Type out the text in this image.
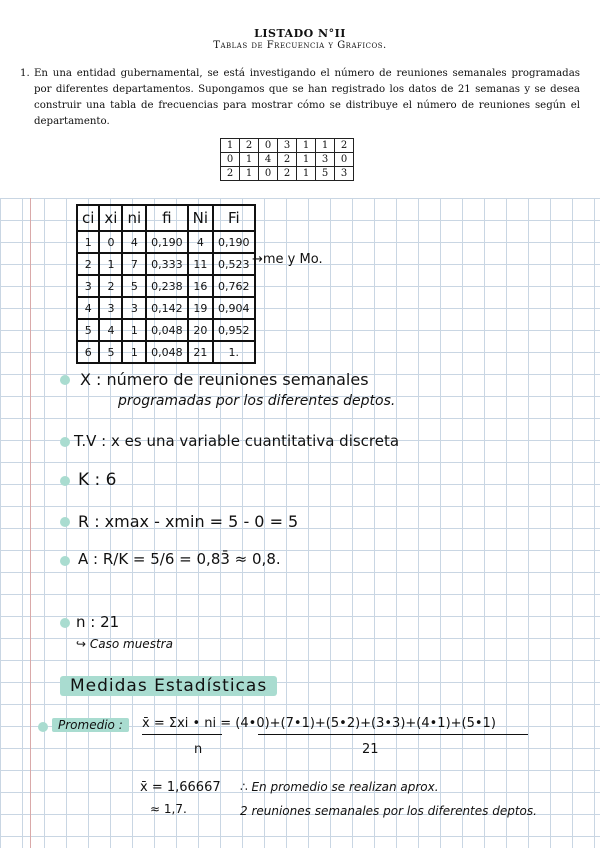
LISTADO N°II
Tablas de Frecuencia y Graficos.
1. En una entidad gubernamental, se está investigando el número de reuniones semanales programadas por diferentes departamentos. Supongamos que se han registrado los datos de 21 semanas y se desea construir una tabla de frecuencias para mostrar cómo se distribuye el número de reuniones según el departamento.
1	2	0	3	1	1	2
0	1	4	2	1	3	0
2	1	0	2	1	5	3
ci	xi	ni	fi	Ni	Fi
1	0	4	0,190	4	0,190
2	1	7	0,333	11	0,523
3	2	5	0,238	16	0,762
4	3	3	0,142	19	0,904
5	4	1	0,048	20	0,952
6	5	1	0,048	21	1.
→me y Mo.
X : número de reuniones semanales
programadas por los diferentes deptos.
T.V : x es una variable cuantitativa discreta
K : 6
R : xmax - xmin = 5 - 0 = 5
A : R/K = 5/6 = 0,83̄ ≈ 0,8.
n : 21
↪ Caso muestra
Medidas Estadísticas
Promedio :	x̄ = Σxi • ni = (4•0)+(7•1)+(5•2)+(3•3)+(4•1)+(5•1)
n	21
x̄ = 1,66667
≈ 1,7.
∴ En promedio se realizan aprox.
2 reuniones semanales por los diferentes deptos.
